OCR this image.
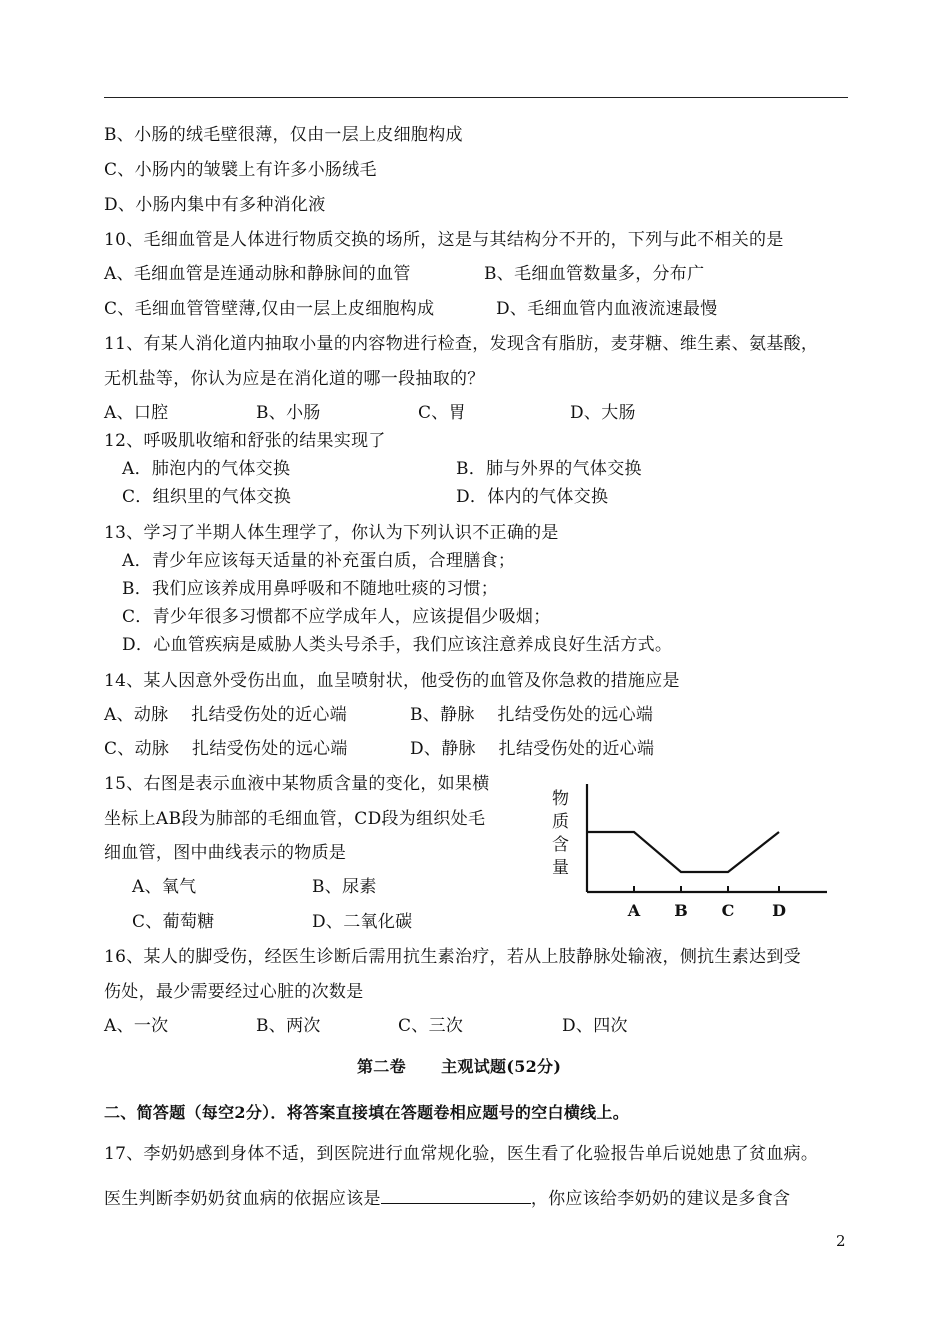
B、小肠的绒毛壁很薄，仅由一层上皮细胞构成
C、小肠内的皱襞上有许多小肠绒毛
D、小肠内集中有多种消化液
10、毛细血管是人体进行物质交换的场所，这是与其结构分不开的，下列与此不相关的是
A、毛细血管是连通动脉和静脉间的血管	B、毛细血管数量多，分布广
C、毛细血管管壁薄,仅由一层上皮细胞构成	D、毛细血管内血液流速最慢
11、有某人消化道内抽取小量的内容物进行检查，发现含有脂肪，麦芽糖、维生素、氨基酸，
无机盐等，你认为应是在消化道的哪一段抽取的？
A、口腔	B、小肠	C、胃	D、大肠
12、呼吸肌收缩和舒张的结果实现了
A．肺泡内的气体交换	B．肺与外界的气体交换
C．组织里的气体交换	D．体内的气体交换
13、学习了半期人体生理学了，你认为下列认识不正确的是
A．青少年应该每天适量的补充蛋白质，合理膳食；
B．我们应该养成用鼻呼吸和不随地吐痰的习惯；
C．青少年很多习惯都不应学成年人，应该提倡少吸烟；
D．心血管疾病是威胁人类头号杀手，我们应该注意养成良好生活方式。
14、某人因意外受伤出血，血呈喷射状，他受伤的血管及你急救的措施应是
A、动脉    扎结受伤处的近心端	B、静脉    扎结受伤处的远心端
C、动脉    扎结受伤处的远心端	D、静脉    扎结受伤处的近心端
15、右图是表示血液中某物质含量的变化，如果横
坐标上AB段为肺部的毛细血管，CD段为组织处毛
细血管，图中曲线表示的物质是
A、氧气	B、尿素
C、葡萄糖	D、二氧化碳
物
质
含
量
A B C D
16、某人的脚受伤，经医生诊断后需用抗生素治疗，若从上肢静脉处输液，侧抗生素达到受
伤处，最少需要经过心脏的次数是
A、一次	B、两次	C、三次	D、四次
第二卷      主观试题(52分)
二、简答题（每空2分）．将答案直接填在答题卷相应题号的空白横线上。
17、李奶奶感到身体不适，到医院进行血常规化验，医生看了化验报告单后说她患了贫血病。
医生判断李奶奶贫血病的依据应该是	，你应该给李奶奶的建议是多食含
2
